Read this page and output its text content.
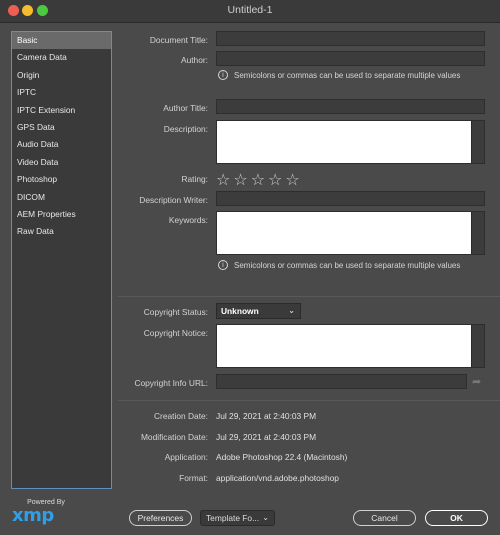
Untitled-1
Basic
Camera Data
Origin
IPTC
IPTC Extension
GPS Data
Audio Data
Video Data
Photoshop
DICOM
AEM Properties
Raw Data
Powered By
xmp
Document Title:
Author:
i	Semicolons or commas can be used to separate multiple values
Author Title:
Description:
Rating: ☆ ☆ ☆ ☆ ☆
Description Writer:
Keywords:
i	Semicolons or commas can be used to separate multiple values
Copyright Status:	Unknown	⌄
Copyright Notice:
Copyright Info URL:	➦
Creation Date: Jul 29, 2021 at 2:40:03 PM
Modification Date: Jul 29, 2021 at 2:40:03 PM
Application: Adobe Photoshop 22.4 (Macintosh)
Format: application/vnd.adobe.photoshop
Preferences	Template Fo... ⌄	Cancel	OK
